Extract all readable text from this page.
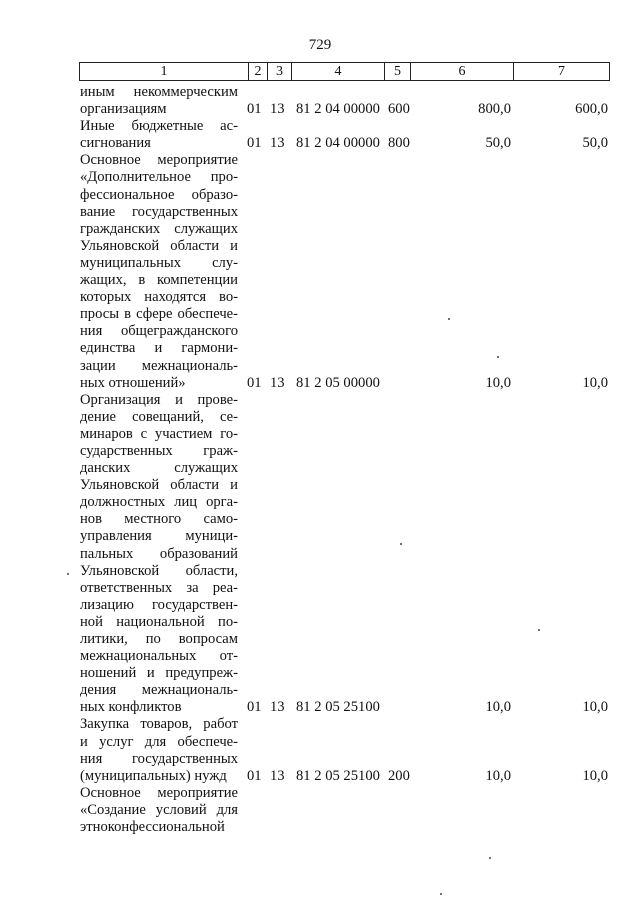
729
1	2	3	4	5	6	7
иным некоммерческим
организациям	01 13 81 2 04 00000 600	800,0	600,0
Иные бюджетные ас-
сигнования	01 13 81 2 04 00000 800	50,0	50,0
Основное мероприятие
«Дополнительное про-
фессиональное образо-
вание государственных
гражданских служащих
Ульяновской области и
муниципальных слу-
жащих, в компетенции
которых находятся во-
просы в сфере обеспече-
ния общегражданского
единства и гармони-
зации межнациональ-
ных отношений»	01 13 81 2 05 00000	10,0	10,0
Организация и прове-
дение совещаний, се-
минаров с участием го-
сударственных граж-
данских служащих
Ульяновской области и
должностных лиц орга-
нов местного само-
управления муници-
пальных образований
Ульяновской области,
ответственных за реа-
лизацию государствен-
ной национальной по-
литики, по вопросам
межнациональных от-
ношений и предупреж-
дения межнациональ-
ных конфликтов	01 13 81 2 05 25100	10,0	10,0
Закупка товаров, работ
и услуг для обеспече-
ния государственных
(муниципальных) нужд	01 13 81 2 05 25100 200	10,0	10,0
Основное мероприятие
«Создание условий для
этноконфессиональной
